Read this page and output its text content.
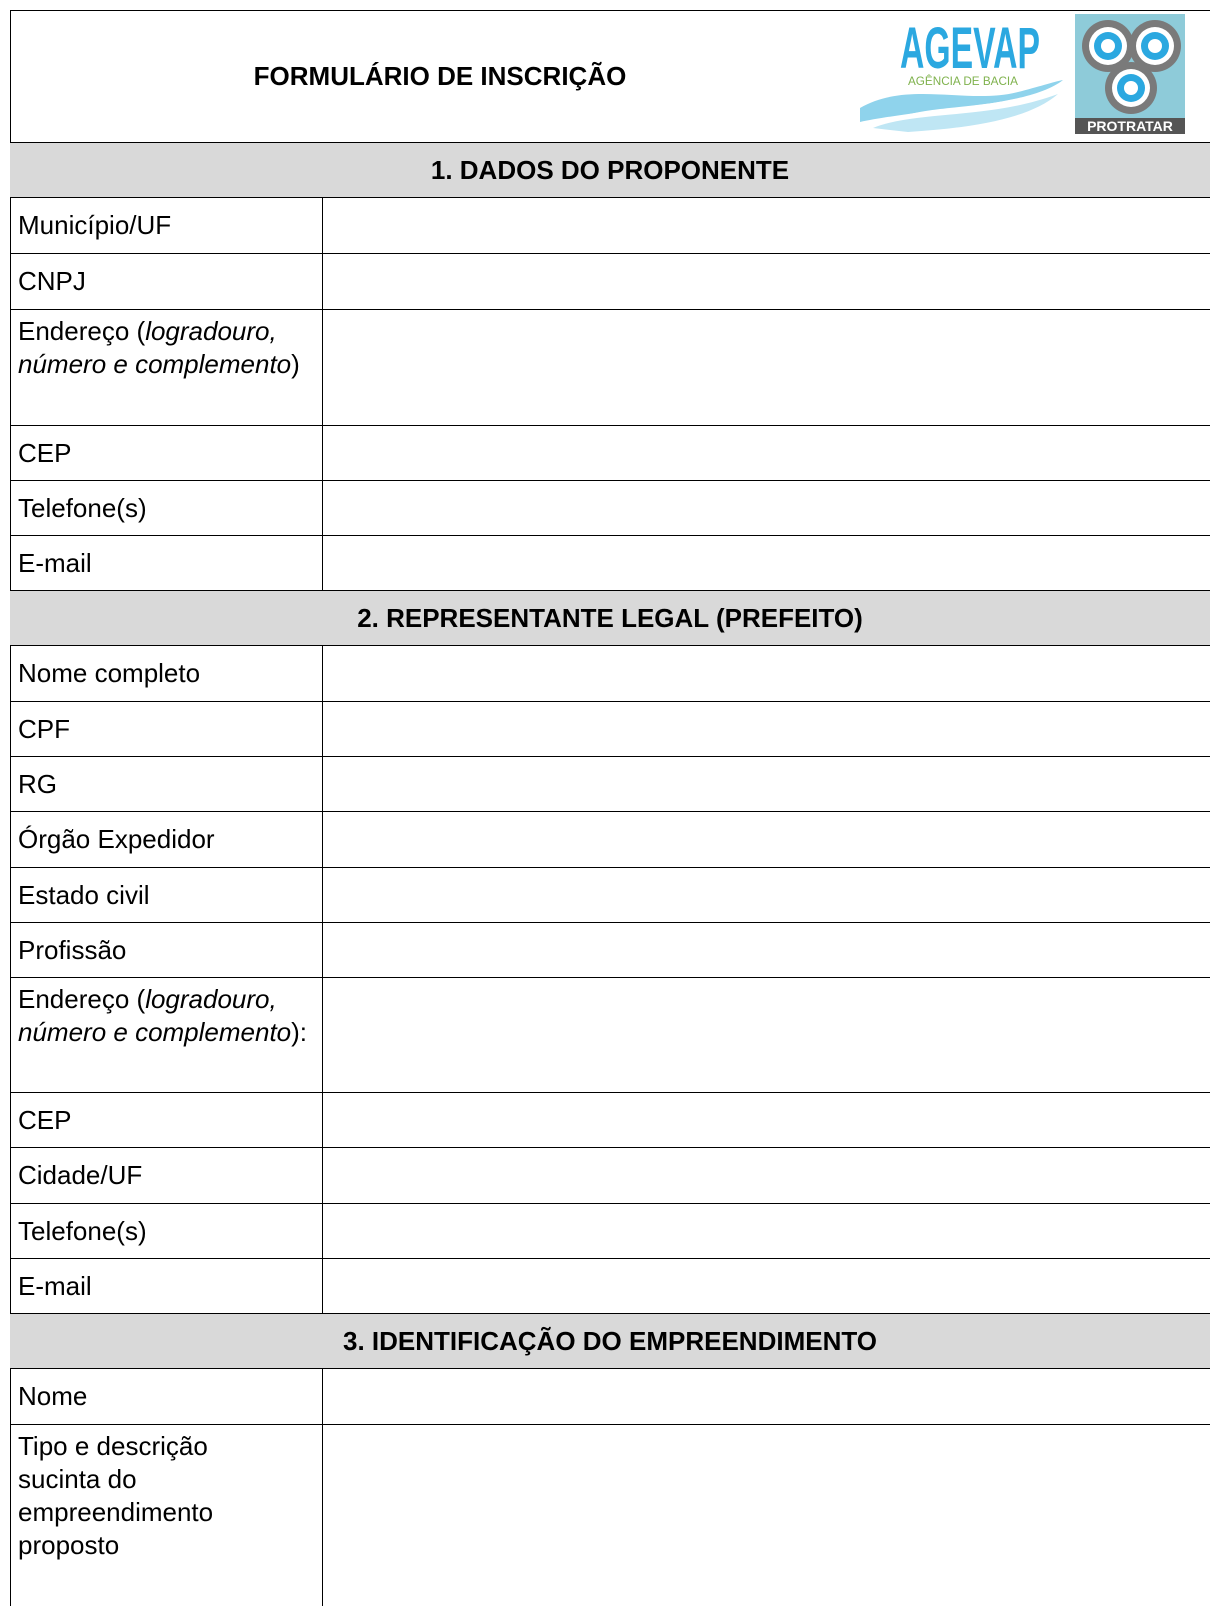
FORMULÁRIO DE INSCRIÇÃO	AGEVAP
AGÊNCIA DE BACIA
PROTRATAR
1. DADOS DO PROPONENTE
Município/UF
CNPJ
Endereço (logradouro, número e complemento)
CEP
Telefone(s)
E-mail
2. REPRESENTANTE LEGAL (PREFEITO)
Nome completo
CPF
RG
Órgão Expedidor
Estado civil
Profissão
Endereço (logradouro, número e complemento):
CEP
Cidade/UF
Telefone(s)
E-mail
3. IDENTIFICAÇÃO DO EMPREENDIMENTO
Nome
Tipo e descrição sucinta do empreendimento proposto
